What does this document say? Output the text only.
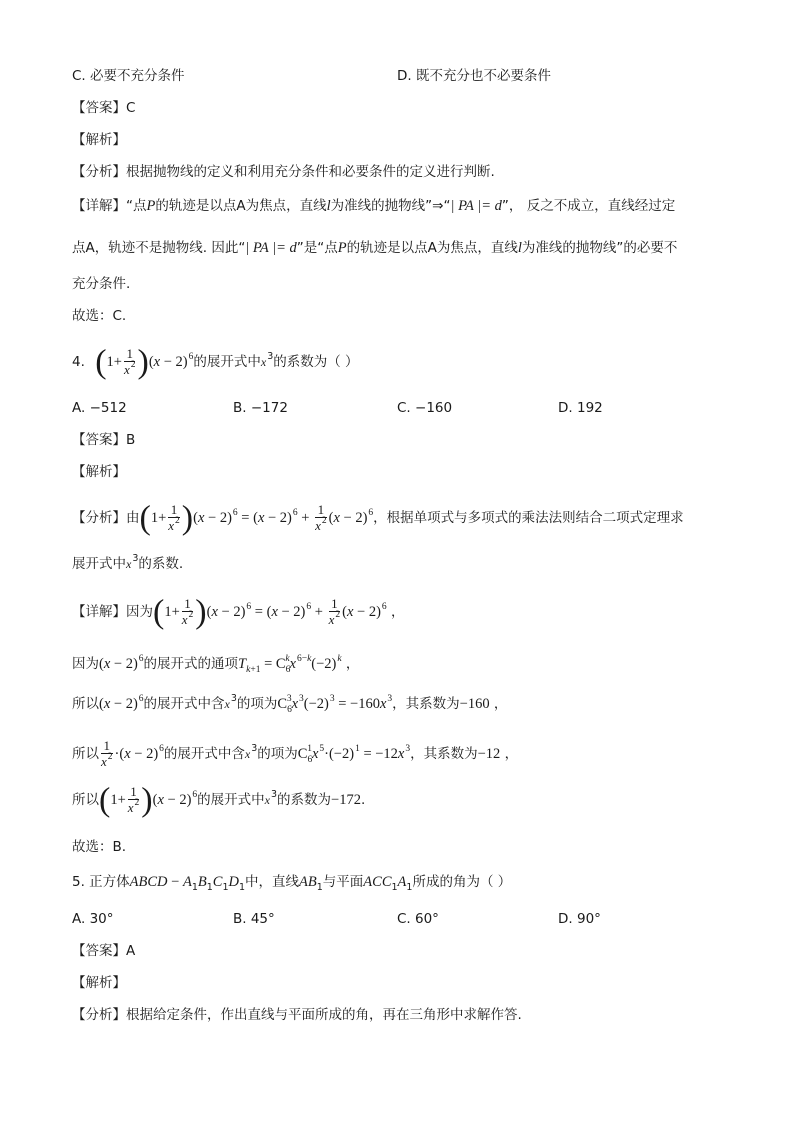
C. 必要不充分条件	D. 既不充分也不必要条件
【答案】C
【解析】
【分析】根据抛物线的定义和利用充分条件和必要条件的定义进行判断.
【详解】“点P的轨迹是以点A为焦点，直线l为准线的抛物线”⇒“| PA |= d”， 反之不成立，直线经过定
点A，轨迹不是抛物线. 因此“| PA |= d”是“点P的轨迹是以点A为焦点，直线l为准线的抛物线”的必要不
充分条件.
故选：C.
4. $(1+ \frac{1}{x^2} )(x - 2)^6$的展开式中$x^3$的系数为（ ）
A. −512	B. −172	C. −160	D. 192
【答案】B
【解析】
【分析】由$(1+ \frac{1}{x^2} )(x - 2)^6 = (x - 2)^6 + \frac{1}{x^2} (x - 2)^6$，根据单项式与多项式的乘法法则结合二项式定理求
展开式中$x^3$的系数.
【详解】因为$(1+ \frac{1}{x^2} )(x - 2)^6 = (x - 2)^6 + \frac{1}{x^2} (x - 2)^6$ ，
因为$(x - 2)^6$的展开式的通项$T_{k+1} = C_6^kx^{6-k}(-2)^k$ ，
所以$(x - 2)^6$的展开式中含$x^3$的项为$C_6^3x^3(-2)^3 = -160x^3$，其系数为−160 ，
所以 $\frac{1}{x^2} \cdot(x - 2)^6$的展开式中含$x^3$的项为$C_6^1x^5\cdot(-2)^1 = -12x^3$，其系数为−12 ，
所以$(1+ \frac{1}{x^2} )(x - 2)^6$的展开式中$x^3$的系数为−172.
故选：B.
5. 正方体ABCD − $A_1B_1C_1D_1$中，直线$AB_1$与平面$ACC_1A_1$所成的角为（ ）
A. 30°	B. 45°	C. 60°	D. 90°
【答案】A
【解析】
【分析】根据给定条件，作出直线与平面所成的角，再在三角形中求解作答.
